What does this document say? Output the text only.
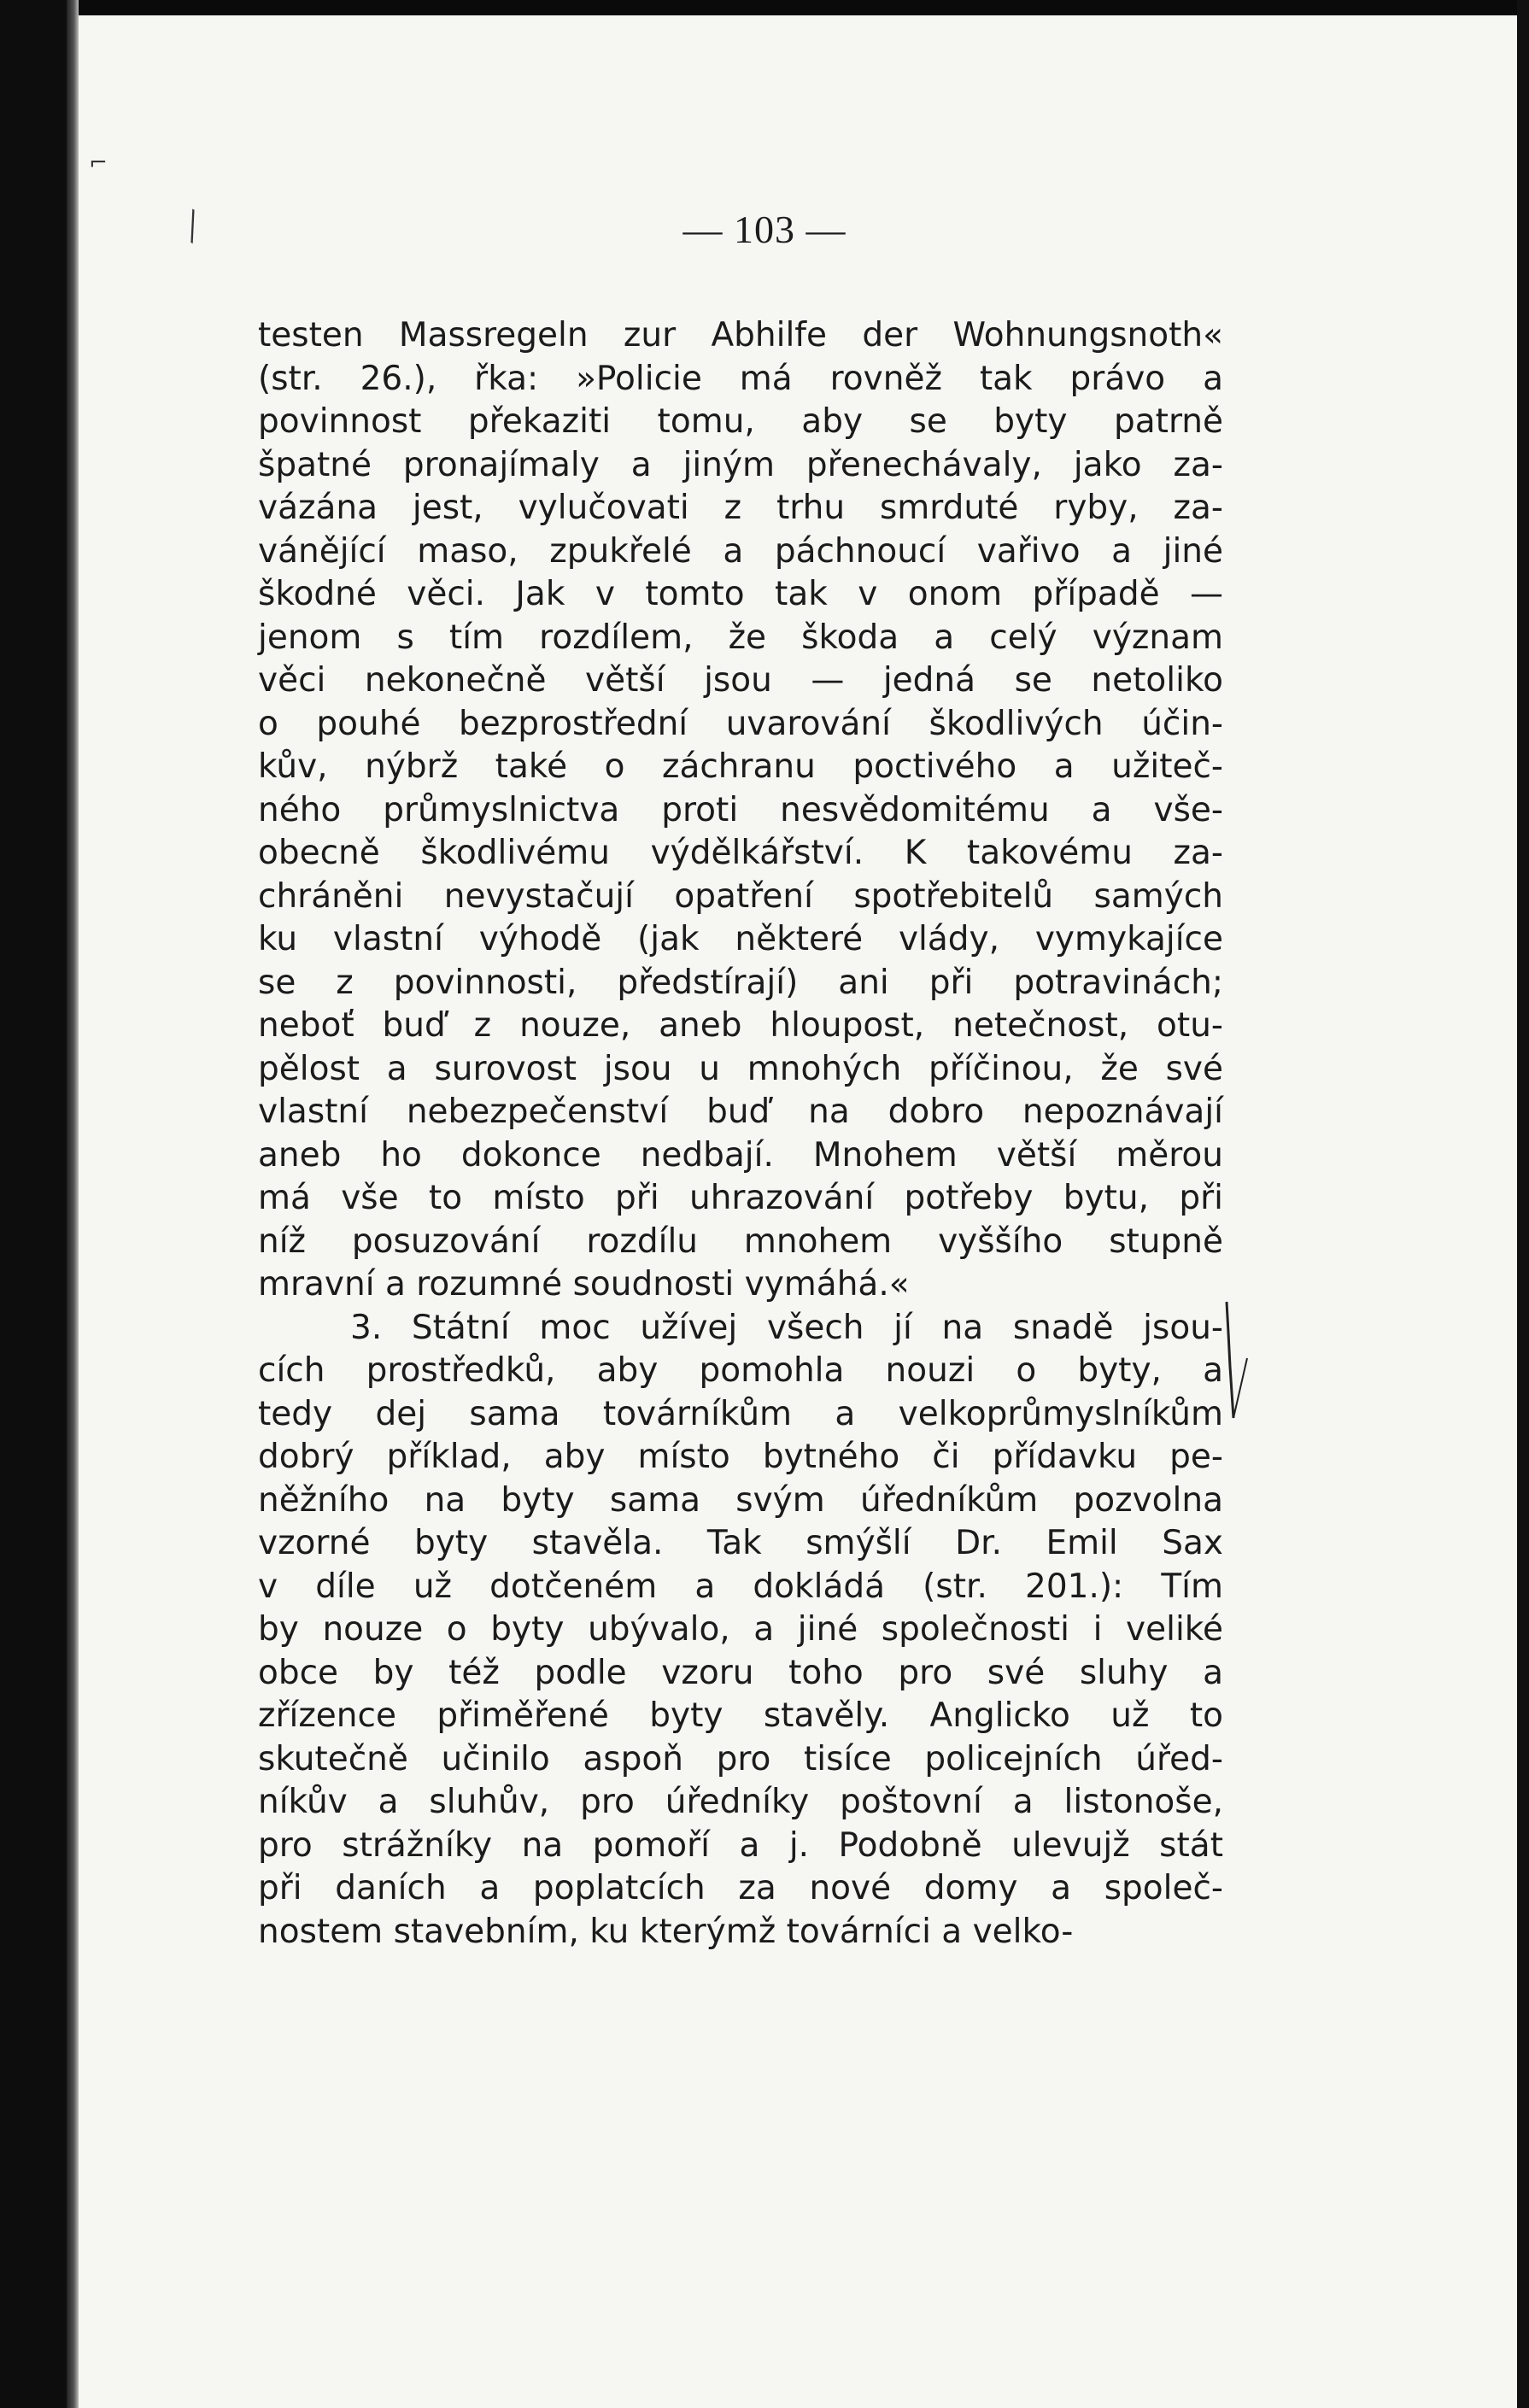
╲
⌐
— 103 —
testen Massregeln zur Abhilfe der Wohnungsnoth«
(str. 26.), řka: »Policie má rovněž tak právo a
povinnost překaziti tomu, aby se byty patrně
špatné pronajímaly a jiným přenechávaly, jako za-
vázána jest, vylučovati z trhu smrduté ryby, za-
vánějící maso, zpukřelé a páchnoucí vařivo a jiné
škodné věci. Jak v tomto tak v onom případě —
jenom s tím rozdílem, že škoda a celý význam
věci nekonečně větší jsou — jedná se netoliko
o pouhé bezprostřední uvarování škodlivých účin-
kův, nýbrž také o záchranu poctivého a užiteč-
ného průmyslnictva proti nesvědomitému a vše-
obecně škodlivému výdělkářství. K takovému za-
chráněni nevystačují opatření spotřebitelů samých
ku vlastní výhodě (jak některé vlády, vymykajíce
se z povinnosti, předstírají) ani při potravinách;
neboť buď z nouze, aneb hloupost, netečnost, otu-
pělost a surovost jsou u mnohých příčinou, že své
vlastní nebezpečenství buď na dobro nepoznávají
aneb ho dokonce nedbají. Mnohem větší měrou
má vše to místo při uhrazování potřeby bytu, při
níž posuzování rozdílu mnohem vyššího stupně
mravní a rozumné soudnosti vymáhá.«
3. Státní moc užívej všech jí na snadě jsou-
cích prostředků, aby pomohla nouzi o byty, a
tedy dej sama továrníkům a velkoprůmyslníkům
dobrý příklad, aby místo bytného či přídavku pe-
něžního na byty sama svým úředníkům pozvolna
vzorné byty stavěla. Tak smýšlí Dr. Emil Sax
v díle už dotčeném a dokládá (str. 201.): Tím
by nouze o byty ubývalo, a jiné společnosti i veliké
obce by též podle vzoru toho pro své sluhy a
zřízence přiměřené byty stavěly. Anglicko už to
skutečně učinilo aspoň pro tisíce policejních úřed-
níkův a sluhův, pro úředníky poštovní a listonoše,
pro strážníky na pomoří a j. Podobně ulevujž stát
při daních a poplatcích za nové domy a společ-
nostem stavebním, ku kterýmž továrníci a velko-
